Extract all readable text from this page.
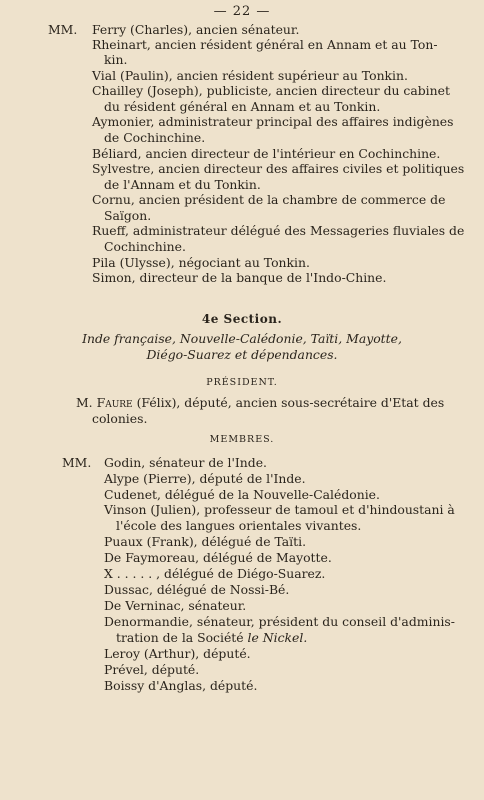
— 22 —
MM. Ferry (Charles), ancien sénateur.
Rheinart, ancien résident général en Annam et au Ton-
kin.
Vial (Paulin), ancien résident supérieur au Tonkin.
Chailley (Joseph), publiciste, ancien directeur du cabinet
du résident général en Annam et au Tonkin.
Aymonier, administrateur principal des affaires indigènes
de Cochinchine.
Béliard, ancien directeur de l'intérieur en Cochinchine.
Sylvestre, ancien directeur des affaires civiles et politiques
de l'Annam et du Tonkin.
Cornu, ancien président de la chambre de commerce de
Saïgon.
Rueff, administrateur délégué des Messageries fluviales de
Cochinchine.
Pila (Ulysse), négociant au Tonkin.
Simon, directeur de la banque de l'Indo-Chine.
4e Section.
Inde française, Nouvelle-Calédonie, Taïti, Mayotte,
Diégo-Suarez et dépendances.
PRÉSIDENT.
M. Faure (Félix), député, ancien sous-secrétaire d'Etat des
colonies.
MEMBRES.
MM. Godin, sénateur de l'Inde.
Alype (Pierre), député de l'Inde.
Cudenet, délégué de la Nouvelle-Calédonie.
Vinson (Julien), professeur de tamoul et d'hindoustani à
l'école des langues orientales vivantes.
Puaux (Frank), délégué de Taïti.
De Faymoreau, délégué de Mayotte.
X . . . . . , délégué de Diégo-Suarez.
Dussac, délégué de Nossi-Bé.
De Verninac, sénateur.
Denormandie, sénateur, président du conseil d'adminis-
tration de la Société le Nickel.
Leroy (Arthur), député.
Prével, député.
Boissy d'Anglas, député.
